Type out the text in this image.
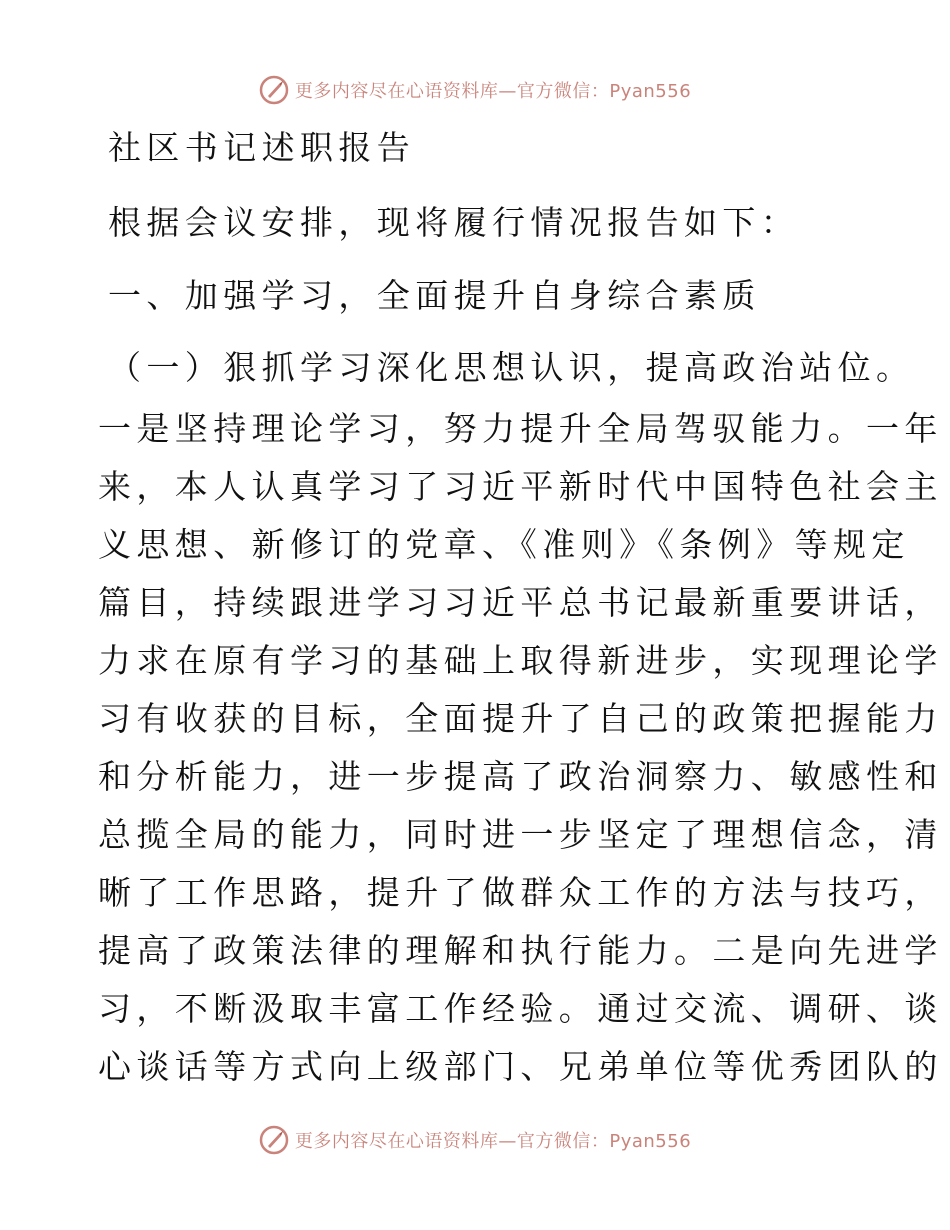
更多内容尽在心语资料库—官方微信：Pyan556
社区书记述职报告

根据会议安排，现将履行情况报告如下：

一、加强学习，全面提升自身综合素质
（一）狠抓学习深化思想认识，提高政治站位。

一是坚持理论学习，努力提升全局驾驭能力。一年

来，本人认真学习了习近平新时代中国特色社会主

义思想、新修订的党章、《准则》《条例》等规定

篇目，持续跟进学习习近平总书记最新重要讲话，

力求在原有学习的基础上取得新进步，实现理论学

习有收获的目标，全面提升了自己的政策把握能力

和分析能力，进一步提高了政治洞察力、敏感性和

总揽全局的能力，同时进一步坚定了理想信念，清

晰了工作思路，提升了做群众工作的方法与技巧，

提高了政策法律的理解和执行能力。二是向先进学

习，不断汲取丰富工作经验。通过交流、调研、谈

心谈话等方式向上级部门、兄弟单位等优秀团队的

更多内容尽在心语资料库—官方微信：Pyan556
